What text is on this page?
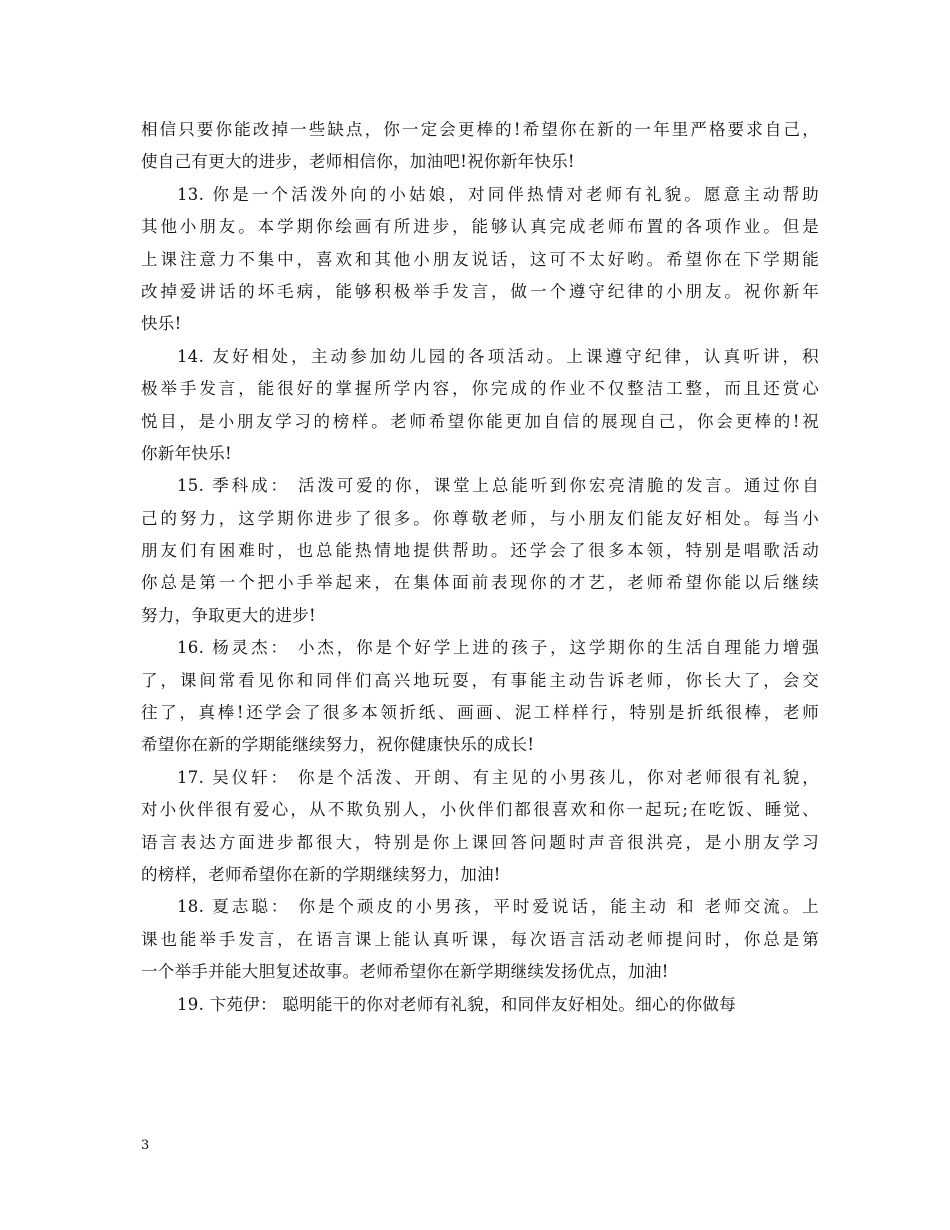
相信只要你能改掉一些缺点，你一定会更棒的!希望你在新的一年里严格要求自己，
使自己有更大的进步，老师相信你，加油吧!祝你新年快乐!
13. 你是一个活泼外向的小姑娘，对同伴热情对老师有礼貌。愿意主动帮助
其他小朋友。本学期你绘画有所进步，能够认真完成老师布置的各项作业。但是
上课注意力不集中，喜欢和其他小朋友说话，这可不太好哟。希望你在下学期能
改掉爱讲话的坏毛病，能够积极举手发言，做一个遵守纪律的小朋友。祝你新年
快乐!
14. 友好相处，主动参加幼儿园的各项活动。上课遵守纪律，认真听讲，积
极举手发言，能很好的掌握所学内容，你完成的作业不仅整洁工整，而且还赏心
悦目，是小朋友学习的榜样。老师希望你能更加自信的展现自己，你会更棒的!祝
你新年快乐!
15. 季科成： 活泼可爱的你，课堂上总能听到你宏亮清脆的发言。通过你自
己的努力，这学期你进步了很多。你尊敬老师，与小朋友们能友好相处。每当小
朋友们有困难时，也总能热情地提供帮助。还学会了很多本领，特别是唱歌活动
你总是第一个把小手举起来，在集体面前表现你的才艺，老师希望你能以后继续
努力，争取更大的进步!
16. 杨灵杰： 小杰，你是个好学上进的孩子，这学期你的生活自理能力增强
了，课间常看见你和同伴们高兴地玩耍，有事能主动告诉老师，你长大了，会交
往了，真棒!还学会了很多本领折纸、画画、泥工样样行，特别是折纸很棒，老师
希望你在新的学期能继续努力，祝你健康快乐的成长!
17. 吴仪轩： 你是个活泼、开朗、有主见的小男孩儿，你对老师很有礼貌，
对小伙伴很有爱心，从不欺负别人，小伙伴们都很喜欢和你一起玩;在吃饭、睡觉、
语言表达方面进步都很大，特别是你上课回答问题时声音很洪亮，是小朋友学习
的榜样，老师希望你在新的学期继续努力，加油!
18. 夏志聪： 你是个顽皮的小男孩，平时爱说话，能主动 和 老师交流。上
课也能举手发言，在语言课上能认真听课，每次语言活动老师提问时，你总是第
一个举手并能大胆复述故事。老师希望你在新学期继续发扬优点，加油!
19. 卞苑伊： 聪明能干的你对老师有礼貌，和同伴友好相处。细心的你做每
3
